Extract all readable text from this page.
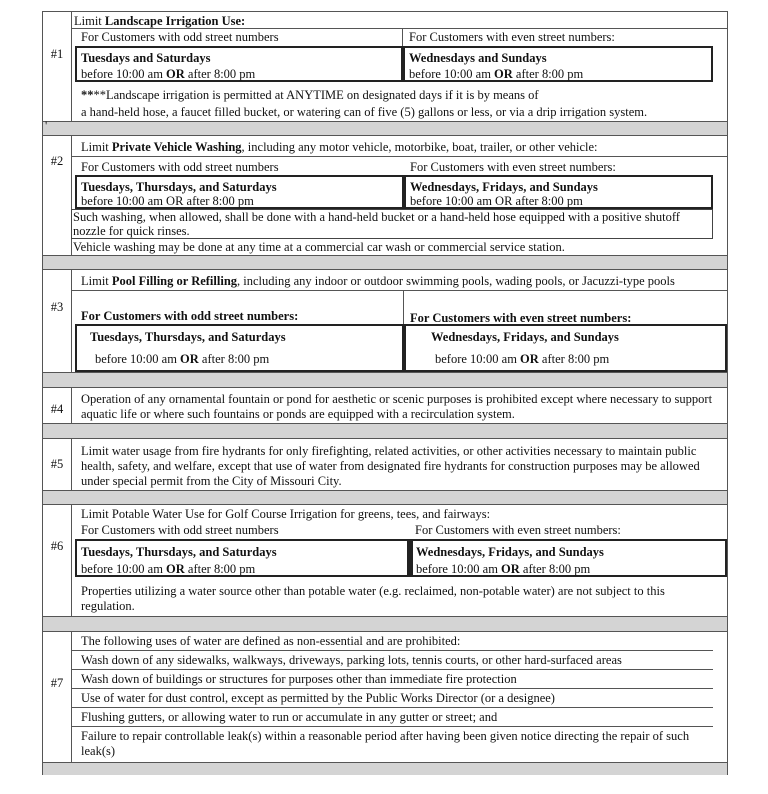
#1
Limit Landscape Irrigation Use:
For Customers with odd street numbers	For Customers with even street numbers:
Tuesdays and Saturdays	Wednesdays and Sundays
before 10:00 am OR after 8:00 pm	before 10:00 am OR after 8:00 pm
****Landscape irrigation is permitted at ANYTIME on designated days if it is by means of
a hand-held hose, a faucet filled bucket, or watering can of five (5) gallons or less, or via a drip irrigation system.
'
#2
Limit Private Vehicle Washing, including any motor vehicle, motorbike, boat, trailer, or other vehicle:
For Customers with odd street numbers	For Customers with even street numbers:
Tuesdays, Thursdays, and Saturdays	Wednesdays, Fridays, and Sundays
before 10:00 am OR after 8:00 pm	before 10:00 am OR after 8:00 pm
Such washing, when allowed, shall be done with a hand-held bucket or a hand-held hose equipped with a positive shutoff nozzle for quick rinses.
Vehicle washing may be done at any time at a commercial car wash or commercial service station.
#3
Limit Pool Filling or Refilling, including any indoor or outdoor swimming pools, wading pools, or Jacuzzi-type pools
For Customers with odd street numbers:	For Customers with even street numbers:
Tuesdays, Thursdays, and Saturdays	Wednesdays, Fridays, and Sundays
before 10:00 am OR after 8:00 pm	before 10:00 am OR after 8:00 pm
#4
Operation of any ornamental fountain or pond for aesthetic or scenic purposes is prohibited except where necessary to support aquatic life or where such fountains or ponds are equipped with a recirculation system.
#5
Limit water usage from fire hydrants for only firefighting, related activities, or other activities necessary to maintain public health, safety, and welfare, except that use of water from designated fire hydrants for construction purposes may be allowed under special permit from the City of Missouri City.
#6
Limit Potable Water Use for Golf Course Irrigation for greens, tees, and fairways:
For Customers with odd street numbers	For Customers with even street numbers:
Tuesdays, Thursdays, and Saturdays	Wednesdays, Fridays, and Sundays
before 10:00 am OR after 8:00 pm	before 10:00 am OR after 8:00 pm
Properties utilizing a water source other than potable water (e.g. reclaimed, non-potable water) are not subject to this regulation.
#7
The following uses of water are defined as non-essential and are prohibited:
Wash down of any sidewalks, walkways, driveways, parking lots, tennis courts, or other hard-surfaced areas
Wash down of buildings or structures for purposes other than immediate fire protection
Use of water for dust control, except as permitted by the Public Works Director (or a designee)
Flushing gutters, or allowing water to run or accumulate in any gutter or street; and
Failure to repair controllable leak(s) within a reasonable period after having been given notice directing the repair of such leak(s)
